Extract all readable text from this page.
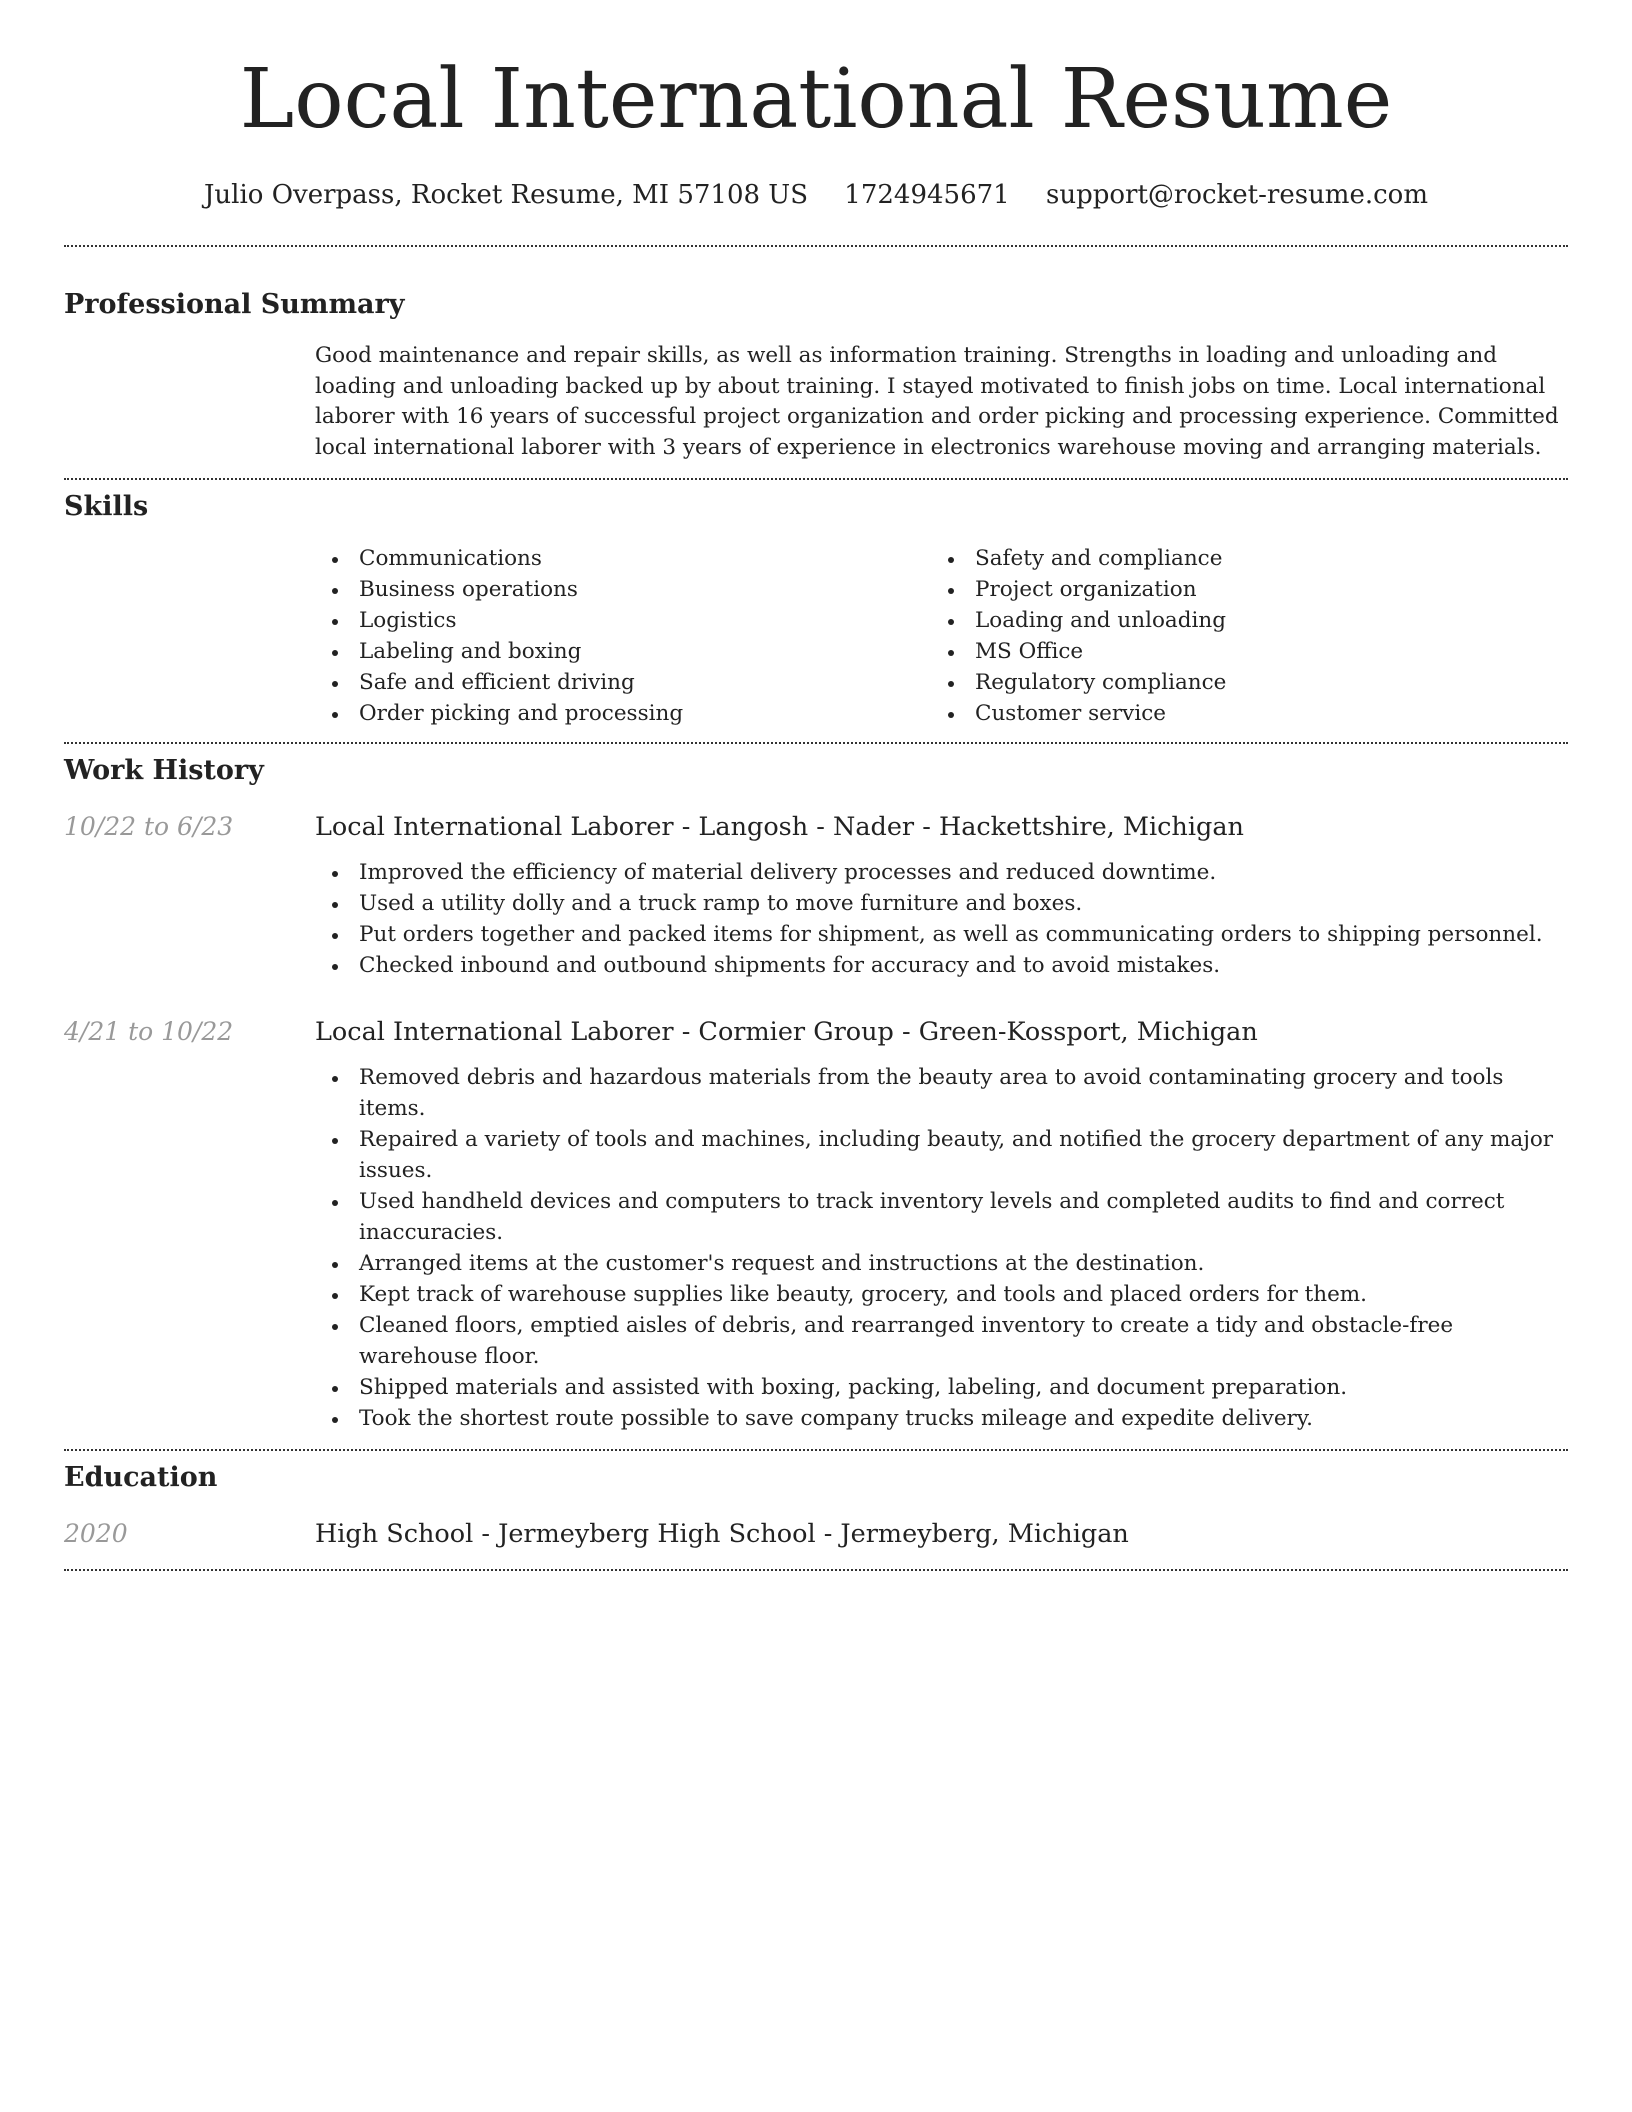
Local International Resume
Julio Overpass, Rocket Resume, MI 57108 US 1724945671 support@rocket-resume.com
Professional Summary

Good maintenance and repair skills, as well as information training. Strengths in loading and unloading and loading and unloading backed up by about training. I stayed motivated to finish jobs on time. Local international laborer with 16 years of successful project organization and order picking and processing experience. Committed local international laborer with 3 years of experience in electronics warehouse moving and arranging materials.

Skills
Communications
Business operations
Logistics
Labeling and boxing
Safe and efficient driving
Order picking and processing
Safety and compliance
Project organization
Loading and unloading
MS Office
Regulatory compliance
Customer service
Work History
10/22 to 6/23	Local International Laborer - Langosh - Nader - Hackettshire, Michigan
Improved the efficiency of material delivery processes and reduced downtime.
Used a utility dolly and a truck ramp to move furniture and boxes.
Put orders together and packed items for shipment, as well as communicating orders to shipping personnel.
Checked inbound and outbound shipments for accuracy and to avoid mistakes.
4/21 to 10/22	Local International Laborer - Cormier Group - Green-Kossport, Michigan
Removed debris and hazardous materials from the beauty area to avoid contaminating grocery and tools items.
Repaired a variety of tools and machines, including beauty, and notified the grocery department of any major issues.
Used handheld devices and computers to track inventory levels and completed audits to find and correct inaccuracies.
Arranged items at the customer's request and instructions at the destination.
Kept track of warehouse supplies like beauty, grocery, and tools and placed orders for them.
Cleaned floors, emptied aisles of debris, and rearranged inventory to create a tidy and obstacle-free warehouse floor.
Shipped materials and assisted with boxing, packing, labeling, and document preparation.
Took the shortest route possible to save company trucks mileage and expedite delivery.
Education
2020	High School - Jermeyberg High School - Jermeyberg, Michigan
